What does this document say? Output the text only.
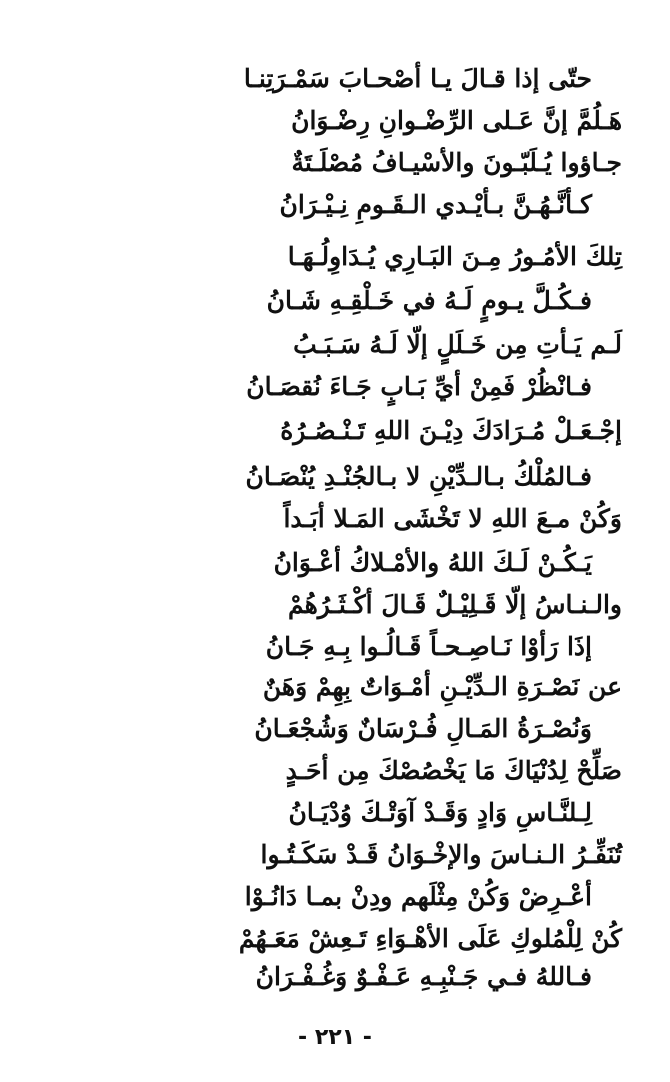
حتّى إذا قـالَ يـا أصْحـابَ سَمْـرَتِنـا
هَـلُمَّ إنَّ عَـلى الرِّضْـوانِ رِضْـوَانُ
جـاؤوا يُـلَبّـونَ والأسْيـافُ مُصْلَـتَةٌ
كـأنَّـهُـنَّ بـأيْـدي الـقَـومِ نِـيْـرَانُ
تِلكَ الأمُـورُ مِـنَ البَـارِي يُـدَاوِلُـهَـا
فـكُـلَّ يـومٍ لَـهُ في خَـلْقِـهِ شَـانُ
لَـم يَـأتِ مِن خَـلَلٍ إلّا لَـهُ سَـبَـبُ
فـانْظُرْ فَمِنْ أيِّ بَـابٍ جَـاءَ نُقصَـانُ
إجْـعَـلْ مُـرَادَكَ دِيْـنَ اللهِ تَـنْـصُـرُهُ
فـالمُلْكُ بـالـدِّيْنِ لا بـالجُنْـدِ يُنْصَـانُ
وَكُنْ مـعَ اللهِ لا تَخْشَى المَـلا أبَـداً
يَـكُـنْ لَـكَ اللهُ والأمْـلاكُ أعْـوَانُ
والـنـاسُ إلّا قَـلِيْـلٌ قَـالَ أكْـثَـرُهُمْ
إذَا رَأوْا نَـاصِـحـاً قَـالُـوا بِـهِ جَـانُ
عن نَصْـرَةِ الـدِّيْـنِ أمْـوَاتٌ بِهِمْ وَهَنٌ
وَنُصْـرَةُ المَـالِ فُـرْسَانٌ وَشُجْعَـانُ
صَلِّحْ لِدُنْيَاكَ مَا يَخْصُصْكَ مِن أحَـدٍ
لِـلنَّـاسِ وَادٍ وَقَـدْ آوَتْـكَ وُدْيَـانُ
تُنَفِّـرُ الـنـاسَ والإخْـوَانُ قَـدْ سَكَـتُـوا
أعْـرِضْ وَكُنْ مِثْلَهم ودِنْ بمـا دَانُـوْا
كُنْ لِلْمُلوكِ عَلَى الأهْـوَاءِ تَـعِشْ مَعَـهُمْ
فـاللهُ فـي جَـنْبِـهِ عَـفْـوٌ وَغُـفْـرَانُ
- ٢٢١ -
